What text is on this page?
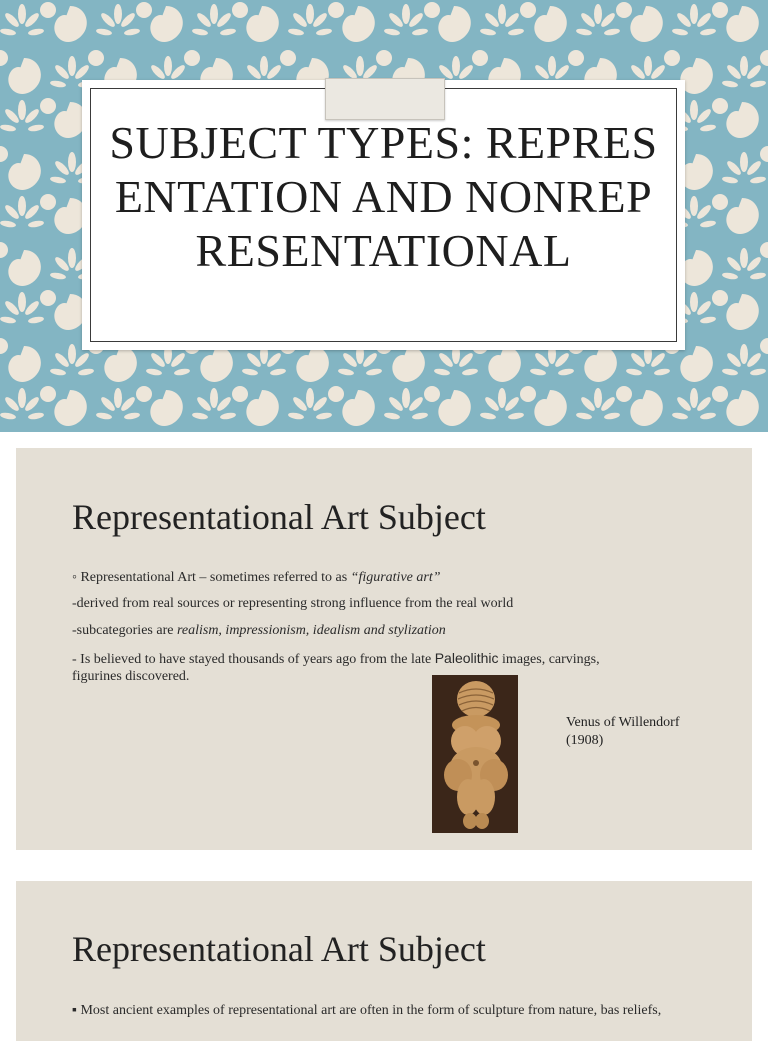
SUBJECT TYPES: REPRESENTATION AND NONREPRESENTATIONAL
Representational Art Subject
◦ Representational Art – sometimes referred to as “figurative art”
-derived from real sources or representing strong influence from the real world
-subcategories are realism, impressionism, idealism and stylization
- Is believed to have stayed thousands of years ago from the late Paleolithic images, carvings,
figurines discovered.
Venus of Willendorf
(1908)
Representational Art Subject
▪ Most ancient examples of representational art are often in the form of sculpture from nature, bas reliefs,
